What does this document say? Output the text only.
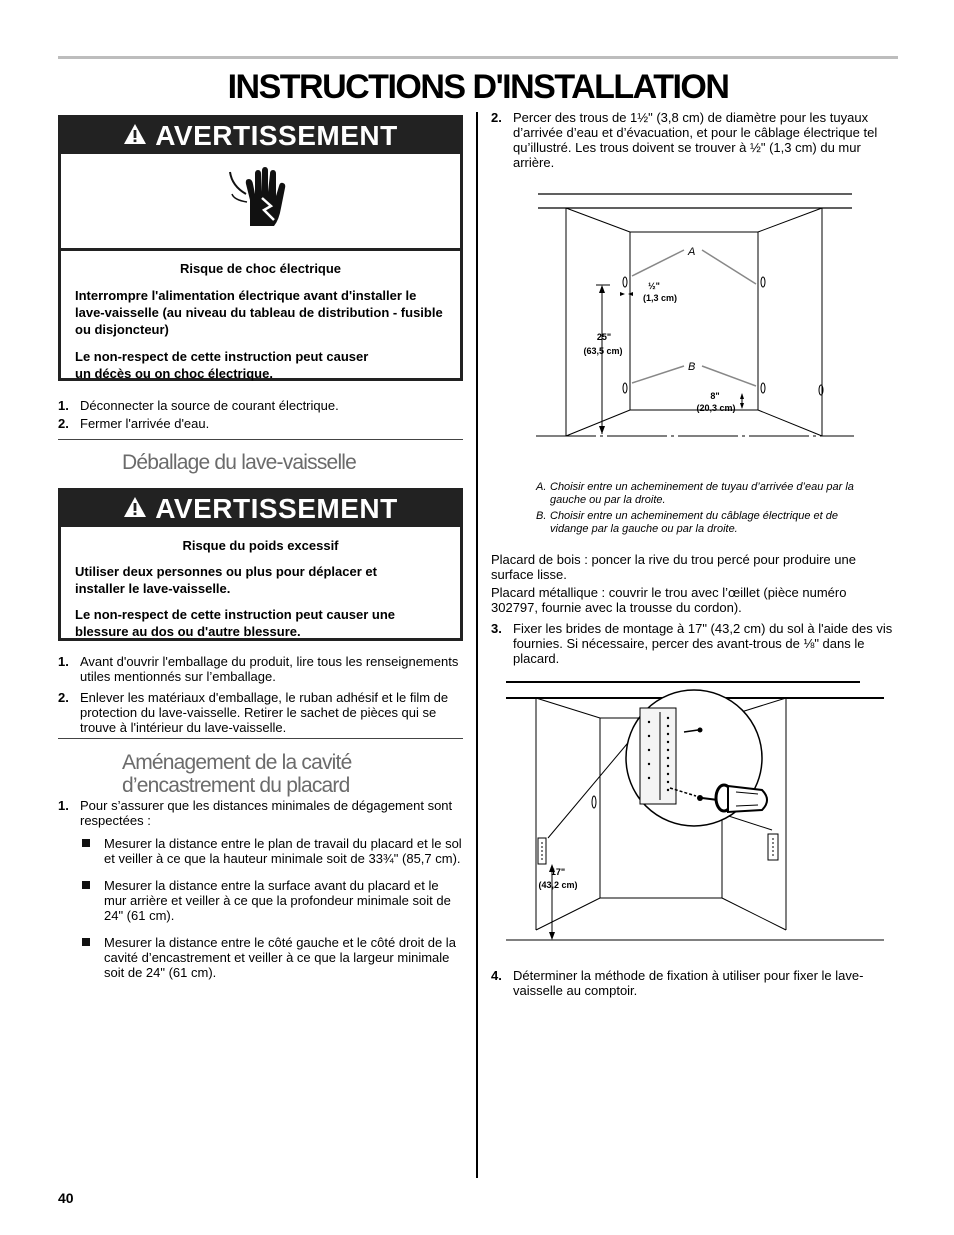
INSTRUCTIONS D'INSTALLATION
AVERTISSEMENT

Risque de choc électrique

Interrompre l'alimentation électrique avant d'installer le lave-vaisselle (au niveau du tableau de distribution - fusible ou disjoncteur)

Le non-respect de cette instruction peut causer un décès ou on choc électrique.

1. Déconnecter la source de courant électrique.
2. Fermer l'arrivée d'eau.
Déballage du lave-vaisselle
AVERTISSEMENT

Risque du poids excessif

Utiliser deux personnes ou plus pour déplacer et installer le lave-vaisselle.

Le non-respect de cette instruction peut causer une blessure au dos ou d'autre blessure.

1. Avant d'ouvrir l'emballage du produit, lire tous les renseignements utiles mentionnés sur l’emballage.
2. Enlever les matériaux d'emballage, le ruban adhésif et le film de protection du lave-vaisselle. Retirer le sachet de pièces qui se trouve à l'intérieur du lave-vaisselle.
Aménagement de la cavité
d’encastrement du placard
1. Pour s’assurer que les distances minimales de dégagement sont respectées :
Mesurer la distance entre le plan de travail du placard et le sol et veiller à ce que la hauteur minimale soit de 33¾" (85,7 cm).
Mesurer la distance entre la surface avant du placard et le mur arrière et veiller à ce que la profondeur minimale soit de 24" (61 cm).
Mesurer la distance entre le côté gauche et le côté droit de la cavité d’encastrement et veiller à ce que la largeur minimale soit de 24" (61 cm).
2. Percer des trous de 1½" (3,8 cm) de diamètre pour les tuyaux d’arrivée d’eau et d’évacuation, et pour le câblage électrique tel qu’illustré. Les trous doivent se trouver à ½" (1,3 cm) du mur arrière.
A
B
½"
(1,3 cm)
25"
(63,5 cm)
8"
(20,3 cm)
A. Choisir entre un acheminement de tuyau d’arrivée d’eau par la gauche ou par la droite.
B. Choisir entre un acheminement du câblage électrique et de vidange par la gauche ou par la droite.
Placard de bois : poncer la rive du trou percé pour produire une surface lisse.
Placard métallique : couvrir le trou avec l’œillet (pièce numéro 302797, fournie avec la trousse du cordon).
3. Fixer les brides de montage à 17" (43,2 cm) du sol à l'aide des vis fournies. Si nécessaire, percer des avant-trous de ⅛" dans le placard.
17"
(43,2 cm)
4. Déterminer la méthode de fixation à utiliser pour fixer le lave-vaisselle au comptoir.
40
